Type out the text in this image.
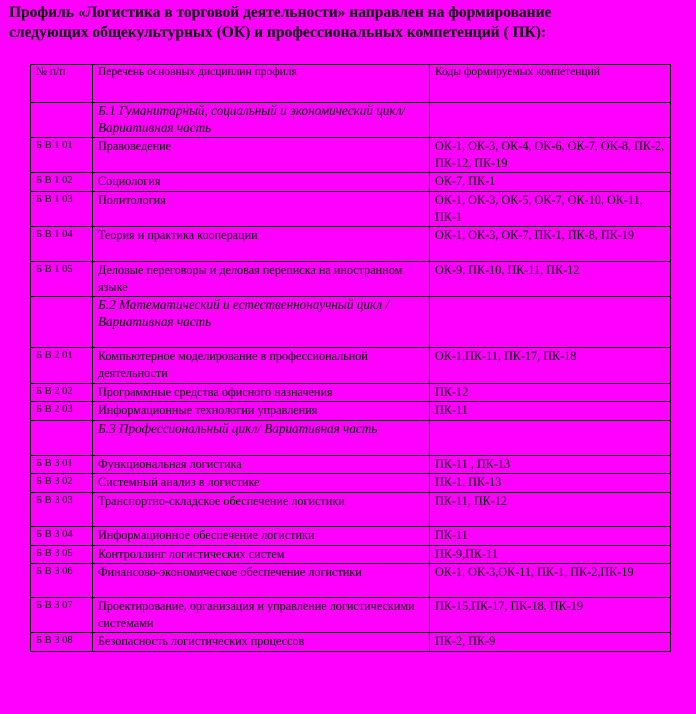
Профиль «Логистика в торговой деятельности» направлен на формирование
следующих общекультурных (ОК) и профессиональных компетенций ( ПК):
№ п/п	Перечень основных дисциплин профиля	Коды формируемых компетенций
	Б.1 Гуманитарный, социальный и экономический цикл/Вариативная часть	
Б В 1 01	Правоведение	ОК-1, ОК-3, ОК-4, ОК-6, ОК-7, ОК-8, ПК-2, ПК-12, ПК-19
Б В 1 02	Социология	ОК-7, ПК-1
Б В 1 03	Политология	ОК-1, ОК-3, ОК-5, ОК-7, ОК-10, ОК-11, ПК-1
Б В 1 04	Теория и практика кооперации	ОК-1, ОК-3, ОК-7, ПК-1, ПК-8, ПК-19
Б В 1 05	Деловые переговоры и деловая переписка на иностранном языке	ОК-9, ПК-10, ПК-11, ПК-12
	Б.2 Математический и естественнонаучный цикл / Вариативная часть	
Б В 2 01	Компьютерное моделирование в профессиональной деятельности	ОК-1,ПК-11, ПК-17, ПК-18
Б В 2 02	Программные средства офисного назначения	ПК-12
Б В 2 03	Информационные технологии управления	ПК-11
	Б.3 Профессиональный цикл/ Вариативная часть	
Б В 3 01	Функциональная логистика	ПК-11 , ПК-13
Б В 3 02	Системный анализ в логистике	ПК-1, ПК-13
Б В 3 03	Транспортно-складское обеспечение логистики	ПК-11, ПК-12
Б В 3 04	Информационное обеспечение логистики	ПК-11
Б В 3 05	Контроллинг логистических систем	ПК-9,ПК-11
Б В 3 06	Финансово-экономическое обеспечение логистики	ОК-1, ОК-3,ОК-11, ПК-1, ПК-2,ПК-19
Б В 3 07	Проектирование, организация и управление логистическими системами	ПК-15,ПК-17, ПК-18, ПК-19
Б В 3 08	Безопасность логистических процессов	ПК-2, ПК-9
